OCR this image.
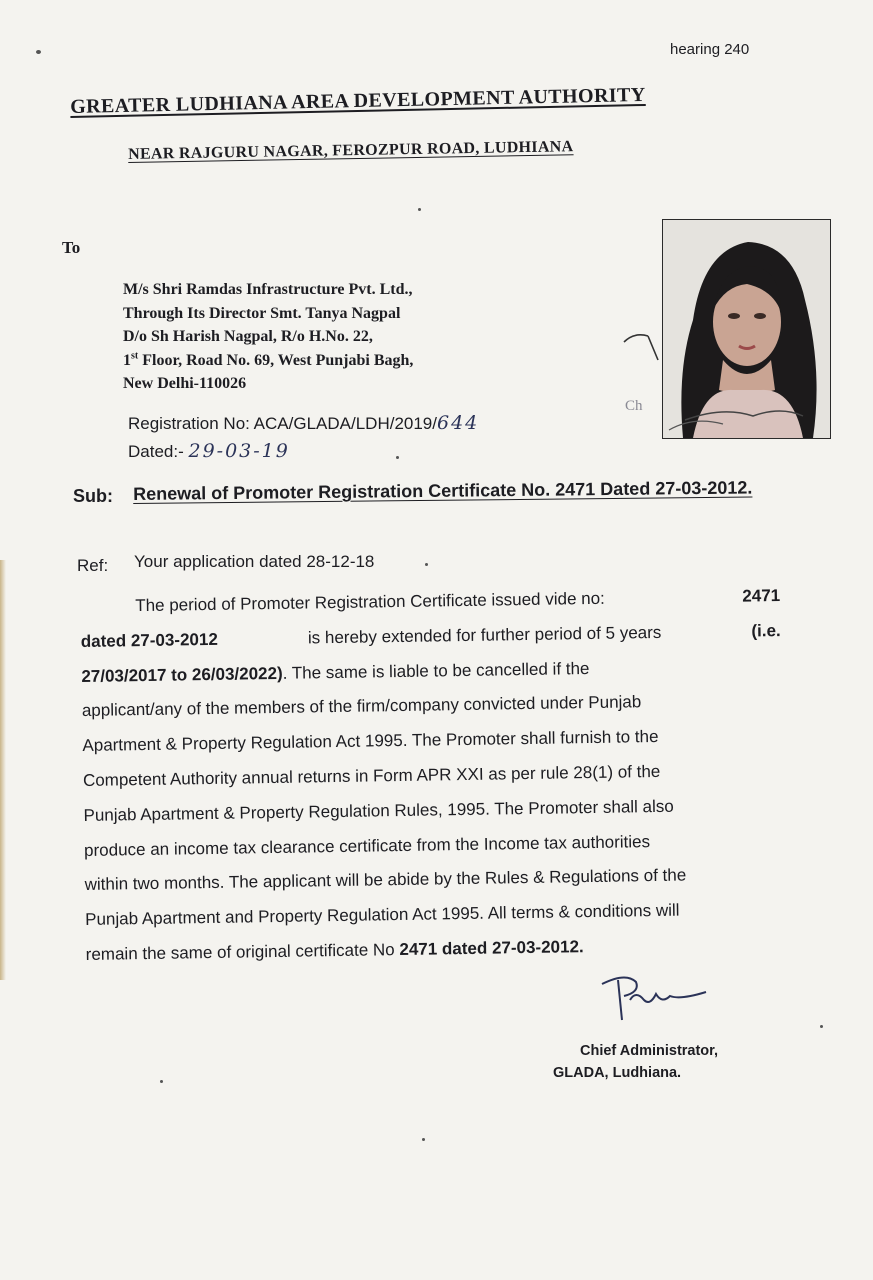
hearing 240
GREATER LUDHIANA AREA DEVELOPMENT AUTHORITY
NEAR RAJGURU NAGAR, FEROZPUR ROAD, LUDHIANA
To
M/s Shri Ramdas Infrastructure Pvt. Ltd.,
Through Its Director Smt. Tanya Nagpal
D/o Sh Harish Nagpal, R/o H.No. 22,
1st Floor, Road No. 69, West Punjabi Bagh,
New Delhi-110026
Ch
Registration No: ACA/GLADA/LDH/2019/644
Dated:- 29-03-19
Sub: Renewal of Promoter Registration Certificate No. 2471 Dated 27-03-2012.
Ref: Your application dated 28-12-18
The period of Promoter Registration Certificate issued vide no:	2471
dated 27-03-2012	is hereby extended for further period of 5 years	(i.e.
27/03/2017 to 26/03/2022). The same is liable to be cancelled if the
applicant/any of the members of the firm/company convicted under Punjab
Apartment & Property Regulation Act 1995. The Promoter shall furnish to the
Competent Authority annual returns in Form APR XXI as per rule 28(1) of the
Punjab Apartment & Property Regulation Rules, 1995. The Promoter shall also
produce an income tax clearance certificate from the Income tax authorities
within two months. The applicant will be abide by the Rules & Regulations of the
Punjab Apartment and Property Regulation Act 1995. All terms & conditions will
remain the same of original certificate No
2471 dated 27-03-2012.
Chief Administrator,
GLADA, Ludhiana.
